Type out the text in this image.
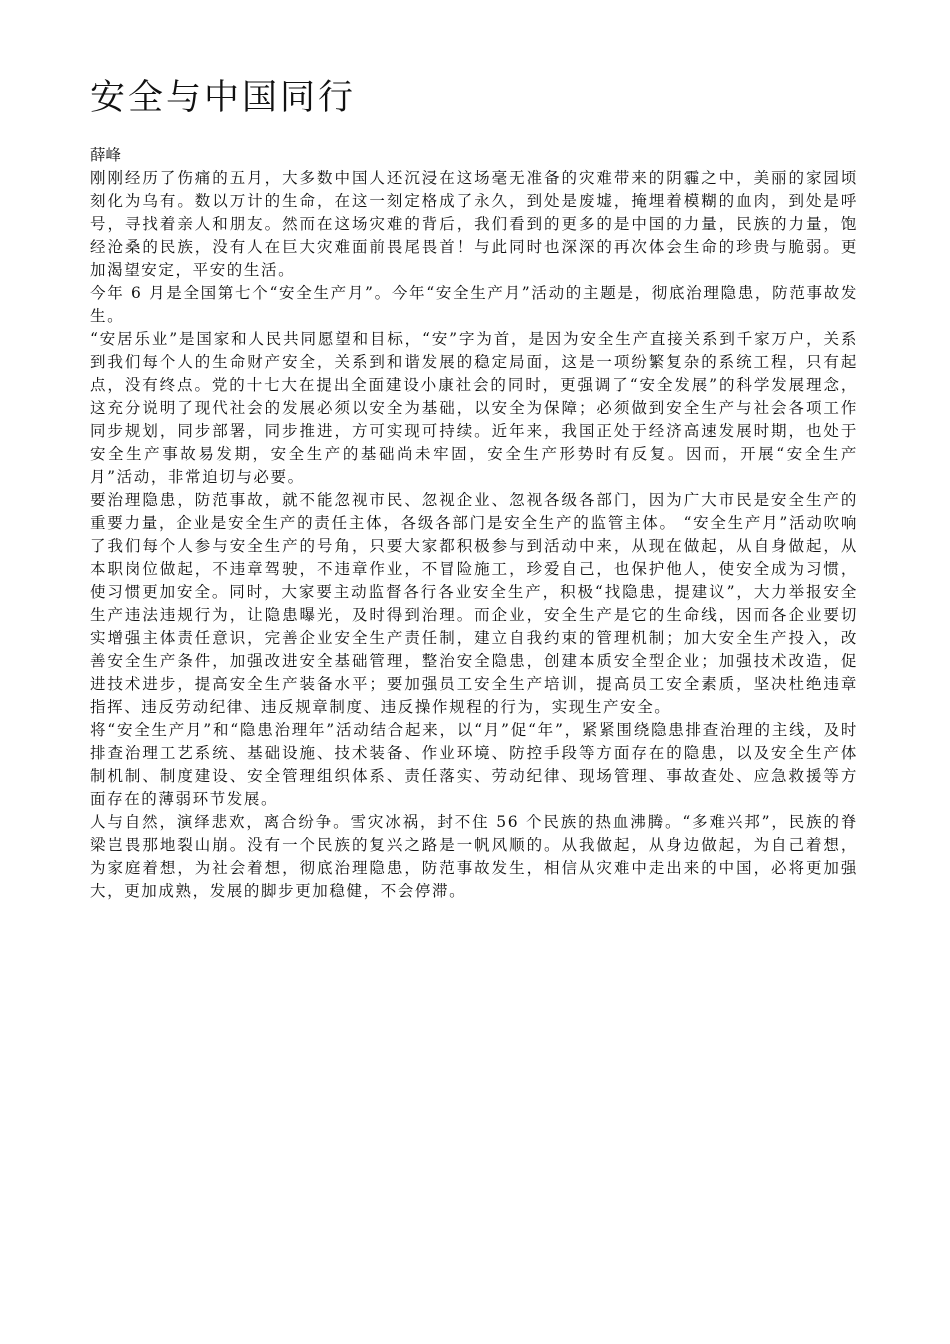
安全与中国同行

薛峰

刚刚经历了伤痛的五月，大多数中国人还沉浸在这场毫无准备的灾难带来的阴霾之中，美丽的家园顷刻化为乌有。数以万计的生命，在这一刻定格成了永久，到处是废墟，掩埋着模糊的血肉，到处是呼号，寻找着亲人和朋友。然而在这场灾难的背后，我们看到的更多的是中国的力量，民族的力量，饱经沧桑的民族，没有人在巨大灾难面前畏尾畏首！与此同时也深深的再次体会生命的珍贵与脆弱。更加渴望安定，平安的生活。

今年 6 月是全国第七个“安全生产月”。今年“安全生产月”活动的主题是，彻底治理隐患，防范事故发生。

“安居乐业”是国家和人民共同愿望和目标，“安”字为首，是因为安全生产直接关系到千家万户，关系到我们每个人的生命财产安全，关系到和谐发展的稳定局面，这是一项纷繁复杂的系统工程，只有起点，没有终点。党的十七大在提出全面建设小康社会的同时，更强调了“安全发展”的科学发展理念，这充分说明了现代社会的发展必须以安全为基础，以安全为保障；必须做到安全生产与社会各项工作同步规划，同步部署，同步推进，方可实现可持续。近年来，我国正处于经济高速发展时期，也处于安全生产事故易发期，安全生产的基础尚未牢固，安全生产形势时有反复。因而，开展“安全生产月”活动，非常迫切与必要。

要治理隐患，防范事故，就不能忽视市民、忽视企业、忽视各级各部门，因为广大市民是安全生产的重要力量，企业是安全生产的责任主体，各级各部门是安全生产的监管主体。 “安全生产月”活动吹响了我们每个人参与安全生产的号角，只要大家都积极参与到活动中来，从现在做起，从自身做起，从本职岗位做起，不违章驾驶，不违章作业，不冒险施工，珍爱自己，也保护他人，使安全成为习惯，使习惯更加安全。同时，大家要主动监督各行各业安全生产，积极“找隐患，提建议”，大力举报安全生产违法违规行为，让隐患曝光，及时得到治理。而企业，安全生产是它的生命线，因而各企业要切实增强主体责任意识，完善企业安全生产责任制，建立自我约束的管理机制；加大安全生产投入，改善安全生产条件，加强改进安全基础管理，整治安全隐患，创建本质安全型企业；加强技术改造，促进技术进步，提高安全生产装备水平；要加强员工安全生产培训，提高员工安全素质，坚决杜绝违章指挥、违反劳动纪律、违反规章制度、违反操作规程的行为，实现生产安全。

将“安全生产月”和“隐患治理年”活动结合起来，以“月”促“年”，紧紧围绕隐患排查治理的主线，及时排查治理工艺系统、基础设施、技术装备、作业环境、防控手段等方面存在的隐患，以及安全生产体制机制、制度建设、安全管理组织体系、责任落实、劳动纪律、现场管理、事故查处、应急救援等方面存在的薄弱环节发展。

人与自然，演绎悲欢，离合纷争。雪灾冰祸，封不住 56 个民族的热血沸腾。“多难兴邦”，民族的脊梁岂畏那地裂山崩。没有一个民族的复兴之路是一帆风顺的。从我做起，从身边做起，为自己着想，为家庭着想，为社会着想，彻底治理隐患，防范事故发生，相信从灾难中走出来的中国，必将更加强大，更加成熟，发展的脚步更加稳健，不会停滞。
